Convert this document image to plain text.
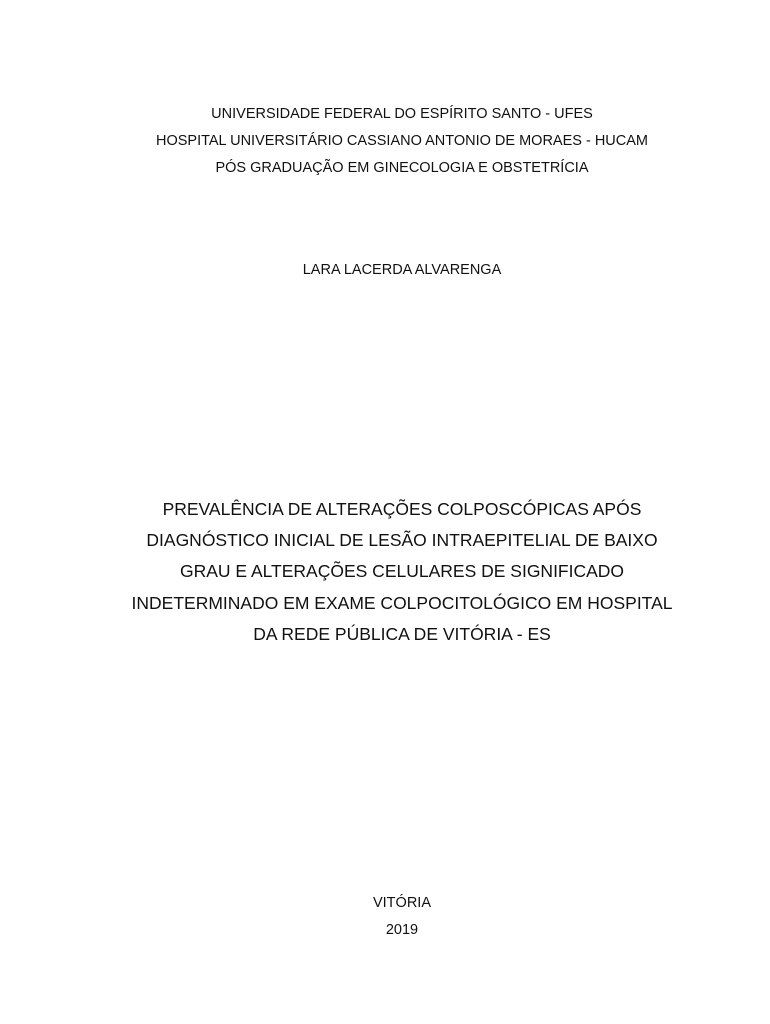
UNIVERSIDADE FEDERAL DO ESPÍRITO SANTO - UFES
HOSPITAL UNIVERSITÁRIO CASSIANO ANTONIO DE MORAES - HUCAM
PÓS GRADUAÇÃO EM GINECOLOGIA E OBSTETRÍCIA
LARA LACERDA ALVARENGA
PREVALÊNCIA DE ALTERAÇÕES COLPOSCÓPICAS APÓS
DIAGNÓSTICO INICIAL DE LESÃO INTRAEPITELIAL DE BAIXO
GRAU E ALTERAÇÕES CELULARES DE SIGNIFICADO
INDETERMINADO EM EXAME COLPOCITOLÓGICO EM HOSPITAL
DA REDE PÚBLICA DE VITÓRIA - ES
VITÓRIA
2019
